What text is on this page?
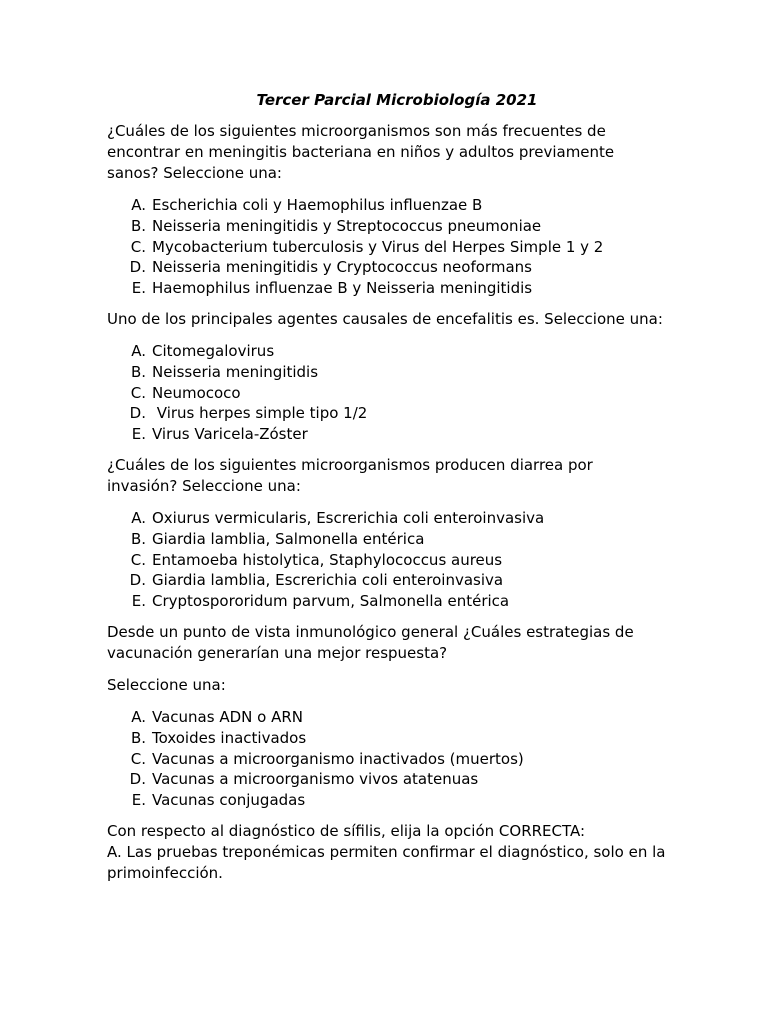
Tercer Parcial Microbiología 2021

¿Cuáles de los siguientes microorganismos son más frecuentes de encontrar en meningitis bacteriana en niños y adultos previamente sanos? Seleccione una:

A. Escherichia coli y Haemophilus influenzae B
B. Neisseria meningitidis y Streptococcus pneumoniae
C. Mycobacterium tuberculosis y Virus del Herpes Simple 1 y 2
D. Neisseria meningitidis y Cryptococcus neoformans
E. Haemophilus influenzae B y Neisseria meningitidis

Uno de los principales agentes causales de encefalitis es. Seleccione una:

A. Citomegalovirus
B. Neisseria meningitidis
C. Neumococo
D. Virus herpes simple tipo 1/2
E. Virus Varicela-Zóster

¿Cuáles de los siguientes microorganismos producen diarrea por invasión? Seleccione una:

A. Oxiurus vermicularis, Escrerichia coli enteroinvasiva
B. Giardia lamblia, Salmonella entérica
C. Entamoeba histolytica, Staphylococcus aureus
D. Giardia lamblia, Escrerichia coli enteroinvasiva
E. Cryptospororidum parvum, Salmonella entérica

Desde un punto de vista inmunológico general ¿Cuáles estrategias de vacunación generarían una mejor respuesta?

Seleccione una:

A. Vacunas ADN o ARN
B. Toxoides inactivados
C. Vacunas a microorganismo inactivados (muertos)
D. Vacunas a microorganismo vivos atatenuas
E. Vacunas conjugadas

Con respecto al diagnóstico de sífilis, elija la opción CORRECTA:

A. Las pruebas treponémicas permiten confirmar el diagnóstico, solo en la primoinfección.
